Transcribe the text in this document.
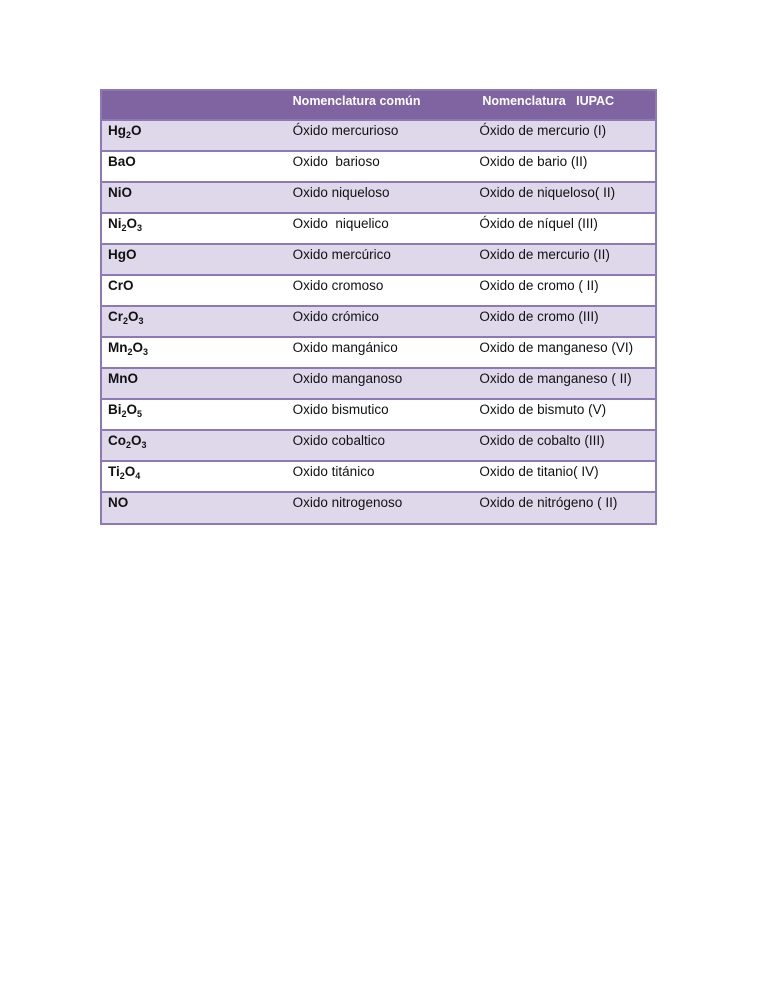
	Nomenclatura común	Nomenclatura   IUPAC
$Hg_2O$	Óxido mercurioso	Óxido de mercurio (I)
BaO	Oxido  barioso	Oxido de bario (II)
NiO	Oxido niqueloso	Oxido de niqueloso( II)
$Ni_2O_3$	Oxido  niquelico	Óxido de níquel (III)
HgO	Oxido mercúrico	Oxido de mercurio (II)
CrO	Oxido cromoso	Oxido de cromo ( II)
$Cr_2O_3$	Oxido crómico	Oxido de cromo (III)
$Mn_2O_3$	Oxido mangánico	Oxido de manganeso (VI)
MnO	Oxido manganoso	Oxido de manganeso ( II)
$Bi_2O_5$	Oxido bismutico	Oxido de bismuto (V)
$Co_2O_3$	Oxido cobaltico	Oxido de cobalto (III)
$Ti_2O_4$	Oxido titánico	Oxido de titanio( IV)
NO	Oxido nitrogenoso	Oxido de nitrógeno ( II)
